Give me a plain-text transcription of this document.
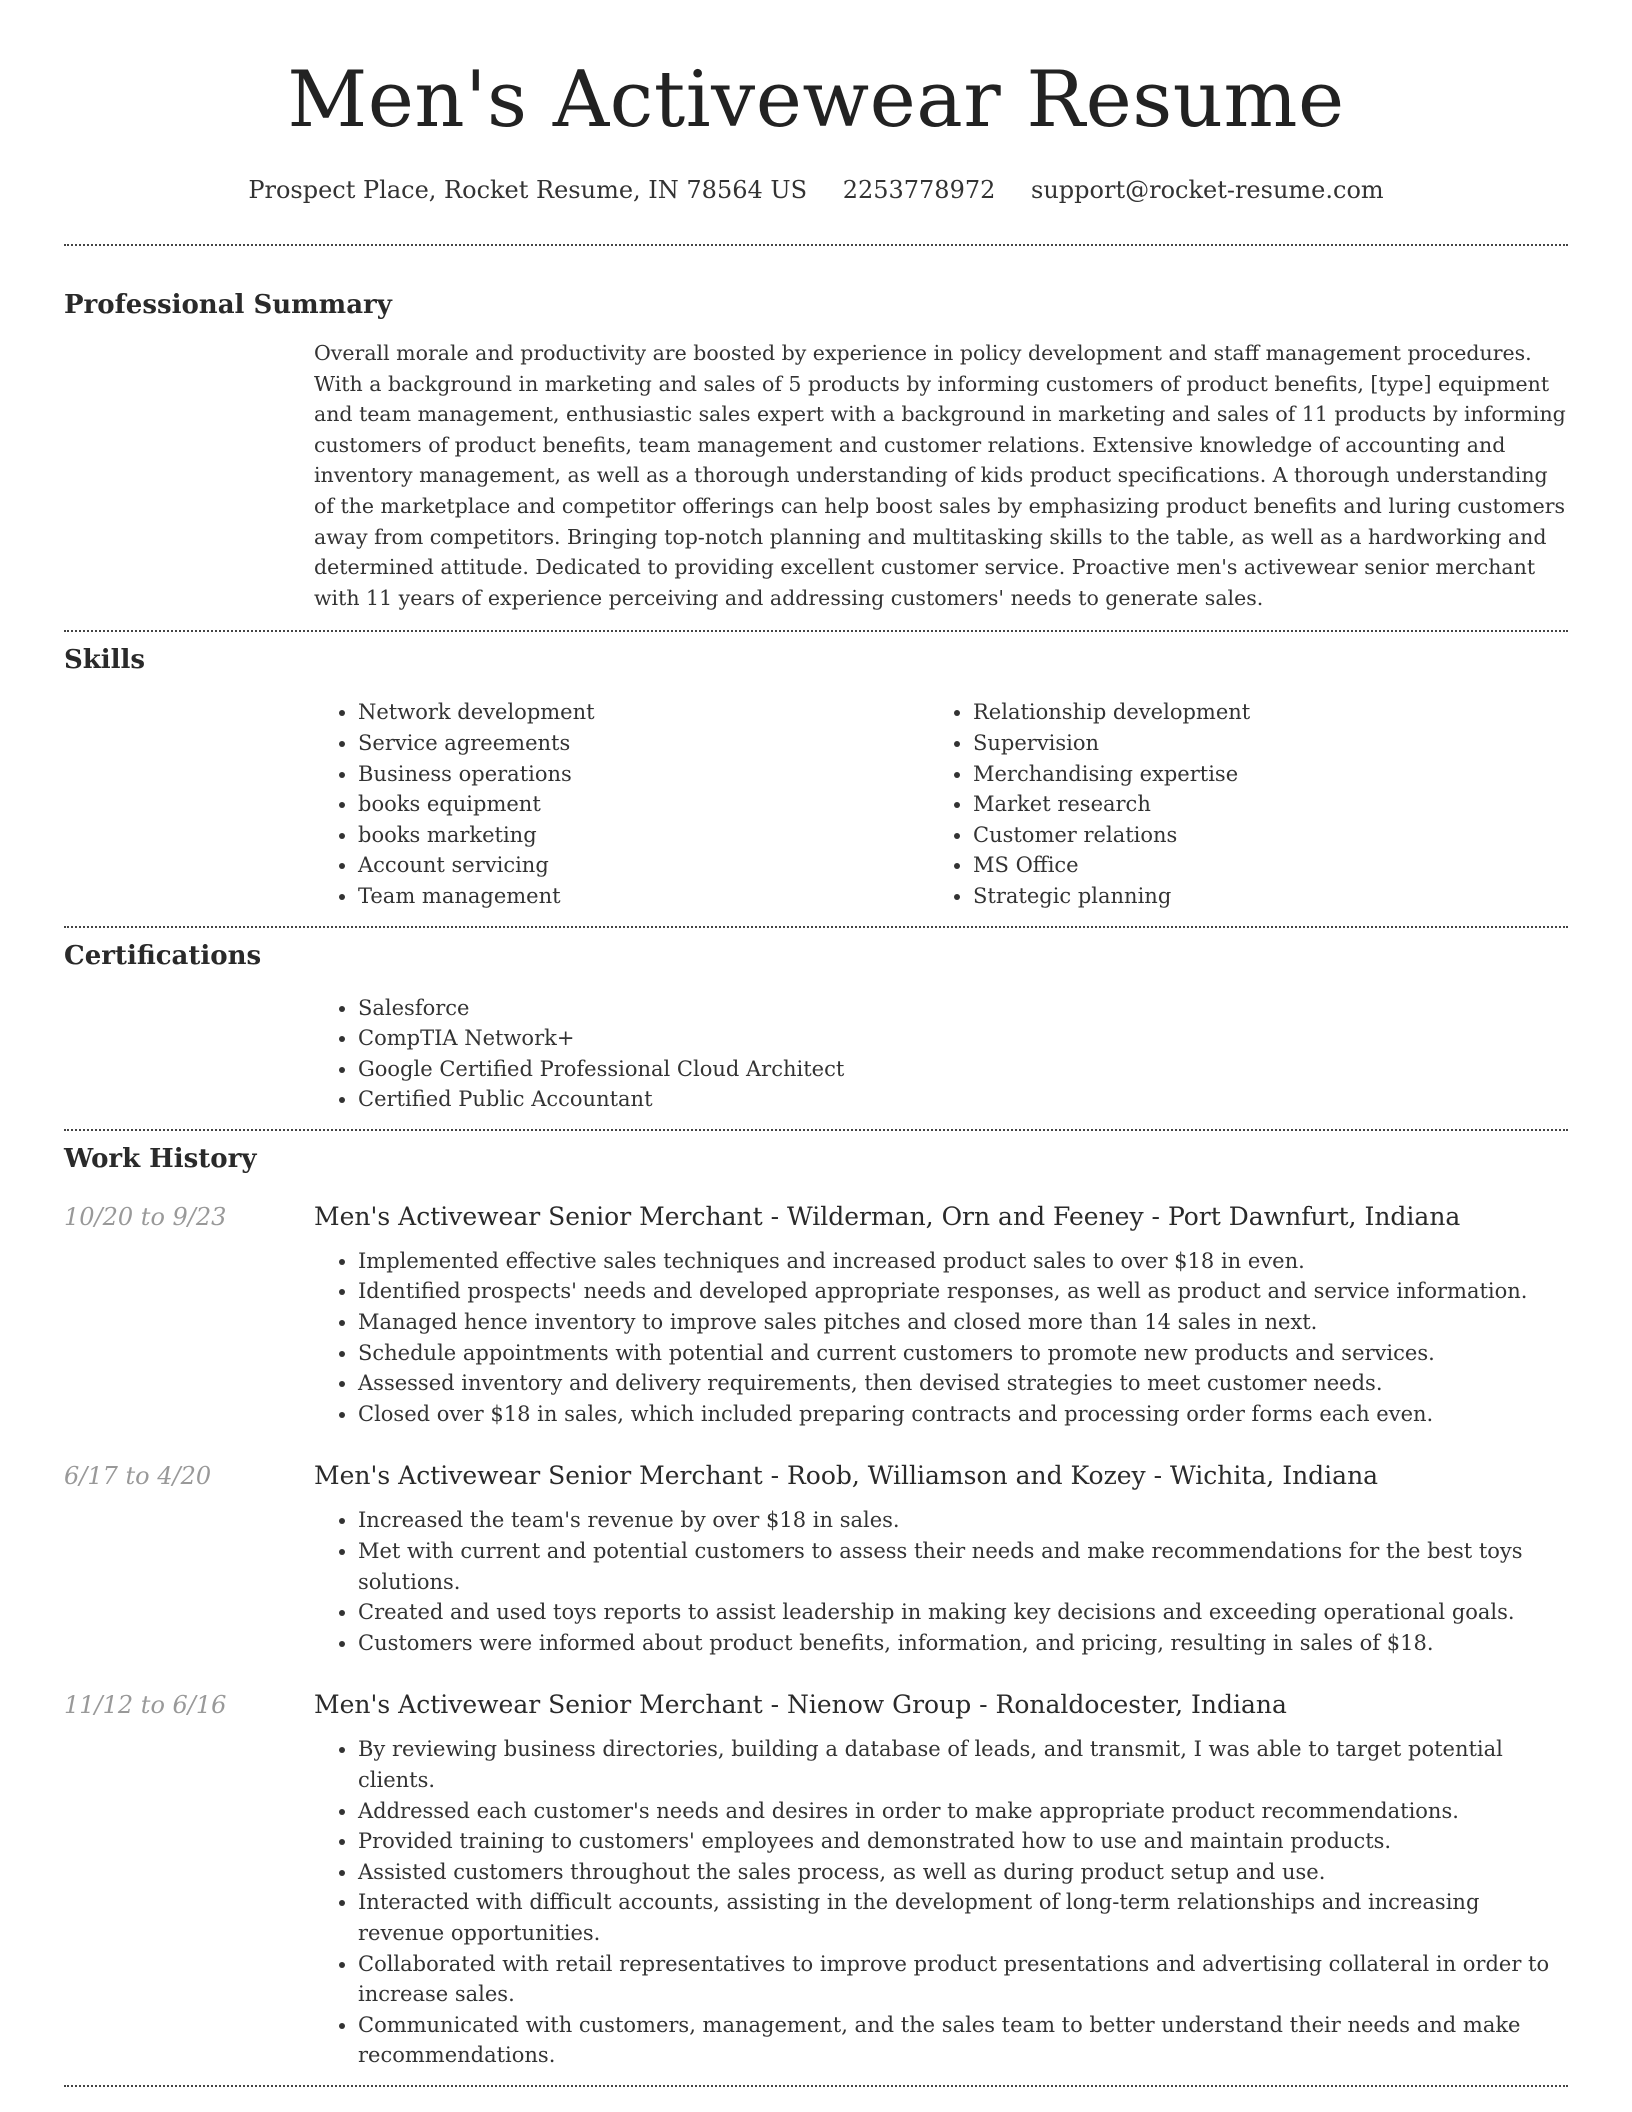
Men's Activewear Resume
Prospect Place, Rocket Resume, IN 78564 US 2253778972 support@rocket-resume.com
Professional Summary

Overall morale and productivity are boosted by experience in policy development and staff management procedures. With a background in marketing and sales of 5 products by informing customers of product benefits, [type] equipment and team management, enthusiastic sales expert with a background in marketing and sales of 11 products by informing customers of product benefits, team management and customer relations. Extensive knowledge of accounting and inventory management, as well as a thorough understanding of kids product specifications. A thorough understanding of the marketplace and competitor offerings can help boost sales by emphasizing product benefits and luring customers away from competitors. Bringing top-notch planning and multitasking skills to the table, as well as a hardworking and determined attitude. Dedicated to providing excellent customer service. Proactive men's activewear senior merchant with 11 years of experience perceiving and addressing customers' needs to generate sales.

Skills
• Network development
• Service agreements
• Business operations
• books equipment
• books marketing
• Account servicing
• Team management
• Relationship development
• Supervision
• Merchandising expertise
• Market research
• Customer relations
• MS Office
• Strategic planning
Certifications
• Salesforce
• CompTIA Network+
• Google Certified Professional Cloud Architect
• Certified Public Accountant
Work History
10/20 to 9/23	Men's Activewear Senior Merchant - Wilderman, Orn and Feeney - Port Dawnfurt, Indiana
• Implemented effective sales techniques and increased product sales to over $18 in even.
• Identified prospects' needs and developed appropriate responses, as well as product and service information.
• Managed hence inventory to improve sales pitches and closed more than 14 sales in next.
• Schedule appointments with potential and current customers to promote new products and services.
• Assessed inventory and delivery requirements, then devised strategies to meet customer needs.
• Closed over $18 in sales, which included preparing contracts and processing order forms each even.
6/17 to 4/20	Men's Activewear Senior Merchant - Roob, Williamson and Kozey - Wichita, Indiana
• Increased the team's revenue by over $18 in sales.
• Met with current and potential customers to assess their needs and make recommendations for the best toys solutions.
• Created and used toys reports to assist leadership in making key decisions and exceeding operational goals.
• Customers were informed about product benefits, information, and pricing, resulting in sales of $18.
11/12 to 6/16	Men's Activewear Senior Merchant - Nienow Group - Ronaldocester, Indiana
• By reviewing business directories, building a database of leads, and transmit, I was able to target potential clients.
• Addressed each customer's needs and desires in order to make appropriate product recommendations.
• Provided training to customers' employees and demonstrated how to use and maintain products.
• Assisted customers throughout the sales process, as well as during product setup and use.
• Interacted with difficult accounts, assisting in the development of long-term relationships and increasing revenue opportunities.
• Collaborated with retail representatives to improve product presentations and advertising collateral in order to increase sales.
• Communicated with customers, management, and the sales team to better understand their needs and make recommendations.
